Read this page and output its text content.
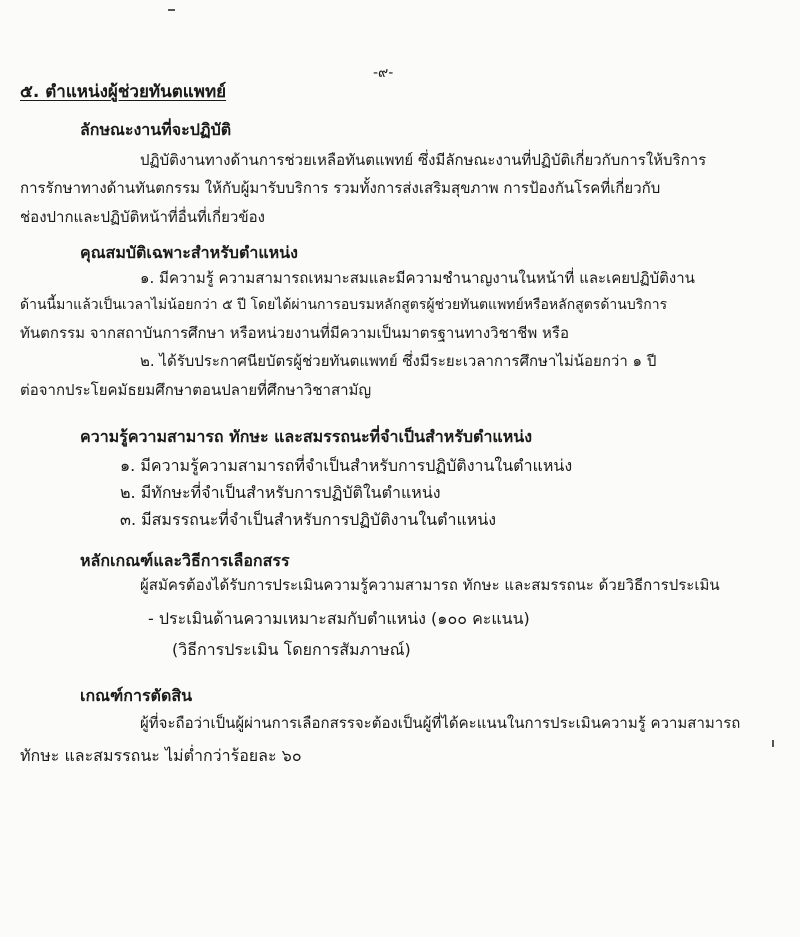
-๙-
๕. ตำแหน่งผู้ช่วยทันตแพทย์
ลักษณะงานที่จะปฏิบัติ
ปฏิบัติงานทางด้านการช่วยเหลือทันตแพทย์ ซึ่งมีลักษณะงานที่ปฏิบัติเกี่ยวกับการให้บริการ
การรักษาทางด้านทันตกรรม ให้กับผู้มารับบริการ รวมทั้งการส่งเสริมสุขภาพ การป้องกันโรคที่เกี่ยวกับ
ช่องปากและปฏิบัติหน้าที่อื่นที่เกี่ยวข้อง
คุณสมบัติเฉพาะสำหรับตำแหน่ง
๑. มีความรู้ ความสามารถเหมาะสมและมีความชำนาญงานในหน้าที่ และเคยปฏิบัติงาน
ด้านนี้มาแล้วเป็นเวลาไม่น้อยกว่า ๕ ปี โดยได้ผ่านการอบรมหลักสูตรผู้ช่วยทันตแพทย์หรือหลักสูตรด้านบริการ
ทันตกรรม จากสถาบันการศึกษา หรือหน่วยงานที่มีความเป็นมาตรฐานทางวิชาชีพ หรือ
๒. ได้รับประกาศนียบัตรผู้ช่วยทันตแพทย์ ซึ่งมีระยะเวลาการศึกษาไม่น้อยกว่า ๑ ปี
ต่อจากประโยคมัธยมศึกษาตอนปลายที่ศึกษาวิชาสามัญ
ความรู้ความสามารถ ทักษะ และสมรรถนะที่จำเป็นสำหรับตำแหน่ง
๑. มีความรู้ความสามารถที่จำเป็นสำหรับการปฏิบัติงานในตำแหน่ง
๒. มีทักษะที่จำเป็นสำหรับการปฏิบัติในตำแหน่ง
๓. มีสมรรถนะที่จำเป็นสำหรับการปฏิบัติงานในตำแหน่ง
หลักเกณฑ์และวิธีการเลือกสรร
ผู้สมัครต้องได้รับการประเมินความรู้ความสามารถ ทักษะ และสมรรถนะ ด้วยวิธีการประเมิน
- ประเมินด้านความเหมาะสมกับตำแหน่ง (๑๐๐ คะแนน)
(วิธีการประเมิน โดยการสัมภาษณ์)
เกณฑ์การตัดสิน
ผู้ที่จะถือว่าเป็นผู้ผ่านการเลือกสรรจะต้องเป็นผู้ที่ได้คะแนนในการประเมินความรู้ ความสามารถ
ทักษะ และสมรรถนะ ไม่ต่ำกว่าร้อยละ ๖๐
